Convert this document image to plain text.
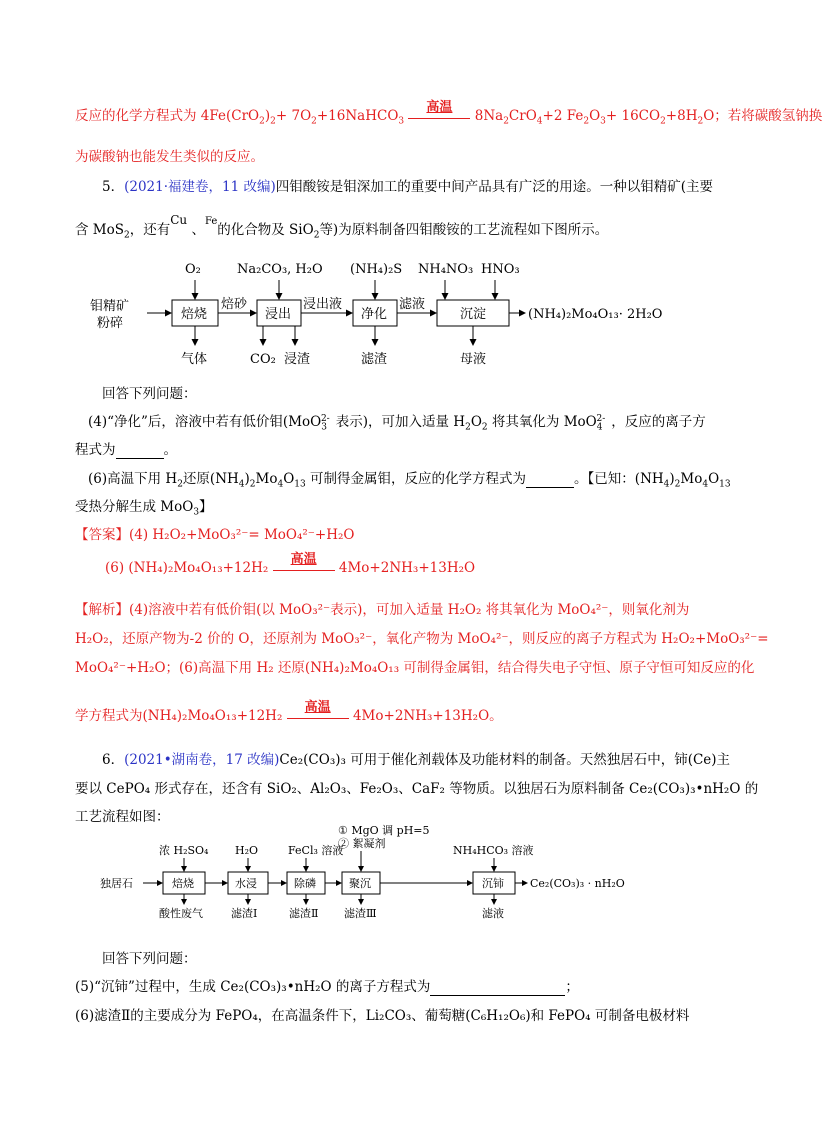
反应的化学方程式为 $4Fe(CrO_2)_2+$ $7O_2+16NaHCO_3$
高温
$8Na_2CrO_4+2$ $Fe_2O_3+ 16CO_2+8H_2O$；若将碳酸氢钠换
为碳酸钠也能发生类似的反应。
5．(2021·福建卷，11 改编)四钼酸铵是钼深加工的重要中间产品具有广泛的用途。一种以钼精矿(主要
含 MoS$_2$，还有Cu 、$^{Fe}$的化合物及 SiO$_2$等)为原料制备四钼酸铵的工艺流程如下图所示。
钼精矿
粉碎
焙烧	浸出	净化	沉淀
焙砂	浸出液	滤液
O₂	Na₂CO₃, H₂O (NH₄)₂S NH₄NO₃ HNO₃
气体	CO₂ 浸渣	滤渣	母液
(NH₄)₂Mo₄O₁₃· 2H₂O
回答下列问题：
(4)“净化”后，溶液中若有低价钼(MoO$_3^{2-}$ 表示)，可加入适量 $H_2O_2$ 将其氧化为 MoO$_4^{2-}$ ，反应的离子方
程式为	。
(6)高温下用 $H_2$还原$(NH_4)_2Mo_4O_{13}$ 可制得金属钼，反应的化学方程式为	。【已知：$(NH_4)_2Mo_4O_{13}$
受热分解生成 MoO$_3$】
【答案】(4) H₂O₂+MoO₃²⁻= MoO₄²⁻+H₂O
(6) (NH₄)₂Mo₄O₁₃+12H₂
高温
4Mo+2NH₃+13H₂O
【解析】(4)溶液中若有低价钼(以 MoO₃²⁻表示)，可加入适量 H₂O₂ 将其氧化为 MoO₄²⁻，则氧化剂为
H₂O₂，还原产物为-2 价的 O，还原剂为 MoO₃²⁻，氧化产物为 MoO₄²⁻，则反应的离子方程式为 H₂O₂+MoO₃²⁻=
MoO₄²⁻+H₂O；(6)高温下用 H₂ 还原(NH₄)₂Mo₄O₁₃ 可制得金属钼，结合得失电子守恒、原子守恒可知反应的化
学方程式为(NH₄)₂Mo₄O₁₃+12H₂
高温
4Mo+2NH₃+13H₂O。
6．(2021•湖南卷，17 改编)Ce₂(CO₃)₃ 可用于催化剂载体及功能材料的制备。天然独居石中，铈(Ce)主
要以 CePO₄ 形式存在，还含有 SiO₂、Al₂O₃、Fe₂O₃、CaF₂ 等物质。以独居石为原料制备 Ce₂(CO₃)₃•nH₂O 的
工艺流程如图：
独居石	焙烧	水浸	除磷	聚沉	沉铈
浓 H₂SO₄ H₂O	FeCl₃ 溶液	NH₄HCO₃ 溶液
① MgO 调 pH=5
② 絮凝剂
酸性废气	滤渣Ⅰ	滤渣Ⅱ 滤渣Ⅲ	滤液
Ce₂(CO₃)₃ · nH₂O
回答下列问题：
(5)“沉铈”过程中，生成 Ce₂(CO₃)₃•nH₂O 的离子方程式为	；
(6)滤渣Ⅱ的主要成分为 FePO₄，在高温条件下，Li₂CO₃、葡萄糖(C₆H₁₂O₆)和 FePO₄ 可制备电极材料
